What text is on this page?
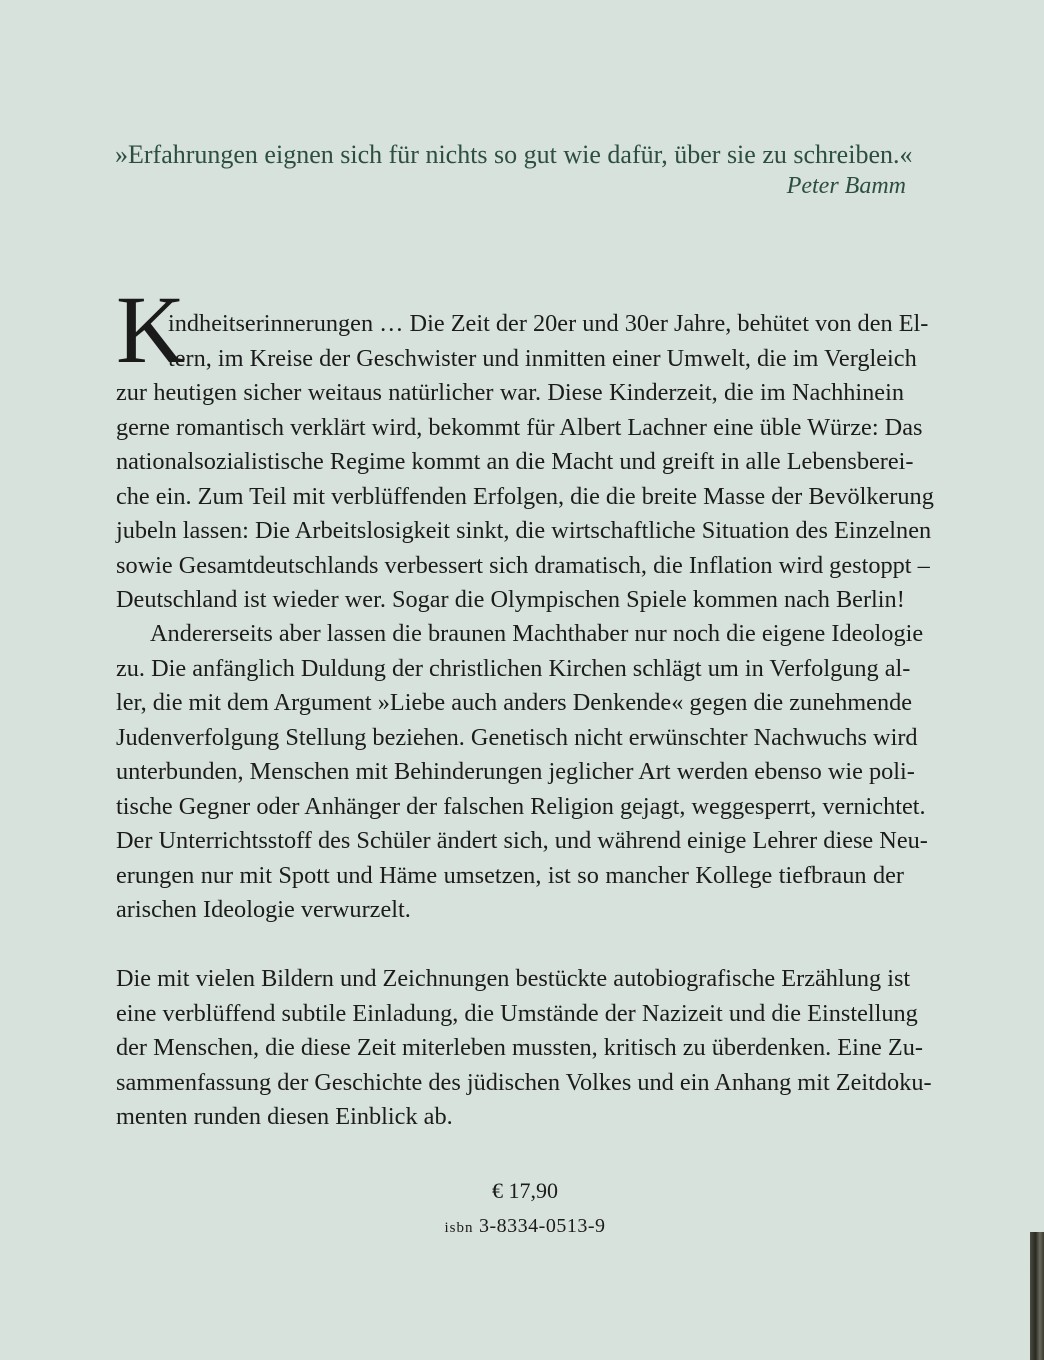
»Erfahrungen eignen sich für nichts so gut wie dafür, über sie zu schreiben.«
Peter Bamm
K
indheitserinnerungen … Die Zeit der 20er und 30er Jahre, behütet von den El-
tern, im Kreise der Geschwister und inmitten einer Umwelt, die im Vergleich
zur heutigen sicher weitaus natürlicher war. Diese Kinderzeit, die im Nachhinein
gerne romantisch verklärt wird, bekommt für Albert Lachner eine üble Würze: Das
nationalsozialistische Regime kommt an die Macht und greift in alle Lebensberei-
che ein. Zum Teil mit verblüffenden Erfolgen, die die breite Masse der Bevölkerung
jubeln lassen: Die Arbeitslosigkeit sinkt, die wirtschaftliche Situation des Einzelnen
sowie Gesamtdeutschlands verbessert sich dramatisch, die Inflation wird gestoppt –
Deutschland ist wieder wer. Sogar die Olympischen Spiele kommen nach Berlin!
Andererseits aber lassen die braunen Machthaber nur noch die eigene Ideologie
zu. Die anfänglich Duldung der christlichen Kirchen schlägt um in Verfolgung al-
ler, die mit dem Argument »Liebe auch anders Denkende« gegen die zunehmende
Judenverfolgung Stellung beziehen. Genetisch nicht erwünschter Nachwuchs wird
unterbunden, Menschen mit Behinderungen jeglicher Art werden ebenso wie poli-
tische Gegner oder Anhänger der falschen Religion gejagt, weggesperrt, vernichtet.
Der Unterrichtsstoff des Schüler ändert sich, und während einige Lehrer diese Neu-
erungen nur mit Spott und Häme umsetzen, ist so mancher Kollege tiefbraun der
arischen Ideologie verwurzelt.
Die mit vielen Bildern und Zeichnungen bestückte autobiografische Erzählung ist
eine verblüffend subtile Einladung, die Umstände der Nazizeit und die Einstellung
der Menschen, die diese Zeit miterleben mussten, kritisch zu überdenken. Eine Zu-
sammenfassung der Geschichte des jüdischen Volkes und ein Anhang mit Zeitdoku-
menten runden diesen Einblick ab.
€ 17,90
isbn 3-8334-0513-9
